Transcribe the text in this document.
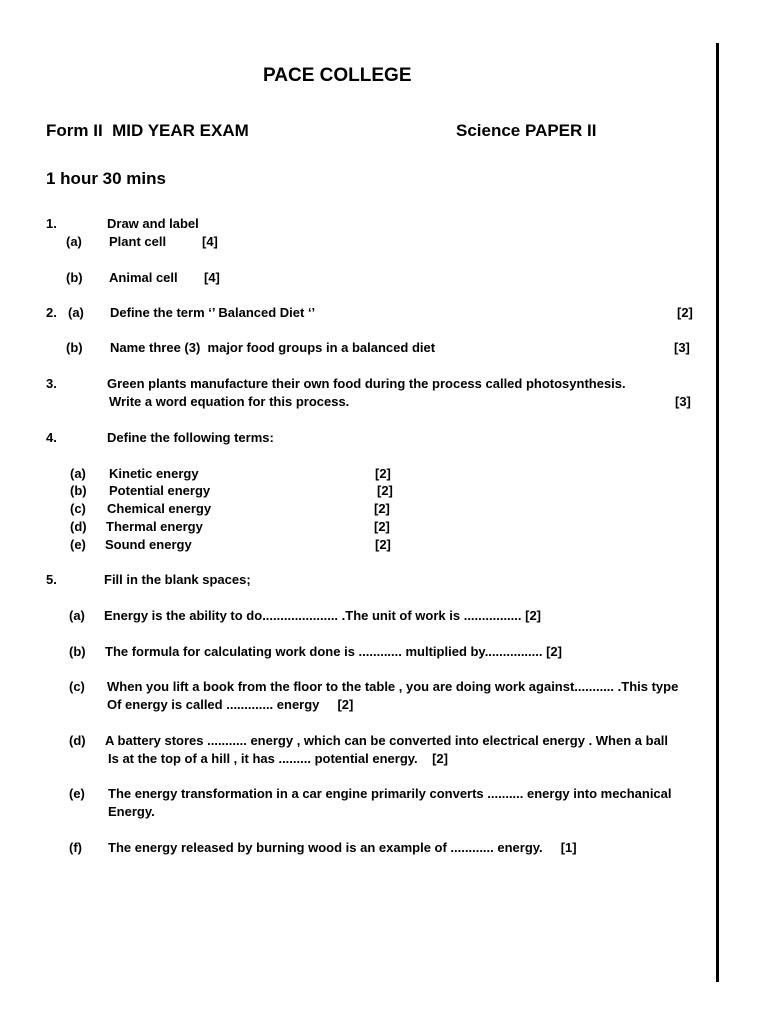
PACE COLLEGE
Form II  MID YEAR EXAM	Science PAPER II
1 hour 30 mins
1.	Draw and label
(a) Plant cell	[4]
(b) Animal cell [4]
2. (a) Define the term ‘’ Balanced Diet ‘’	[2]
(b) Name three (3)  major food groups in a balanced diet	[3]
3.	Green plants manufacture their own food during the process called photosynthesis.
Write a word equation for this process.	[3]
4.	Define the following terms:
(a) Kinetic energy	[2]
(b) Potential energy	[2]
(c) Chemical energy	[2]
(d) Thermal energy	[2]
(e) Sound energy	[2]
5.	Fill in the blank spaces;
(a) Energy is the ability to do..................... .The unit of work is ................ [2]
(b) The formula for calculating work done is ............ multiplied by................ [2]
(c) When you lift a book from the floor to the table , you are doing work against........... .This type
Of energy is called ............. energy     [2]
(d) A battery stores ........... energy , which can be converted into electrical energy . When a ball
Is at the top of a hill , it has ......... potential energy.    [2]
(e) The energy transformation in a car engine primarily converts .......... energy into mechanical
Energy.
(f) The energy released by burning wood is an example of ............ energy.     [1]
